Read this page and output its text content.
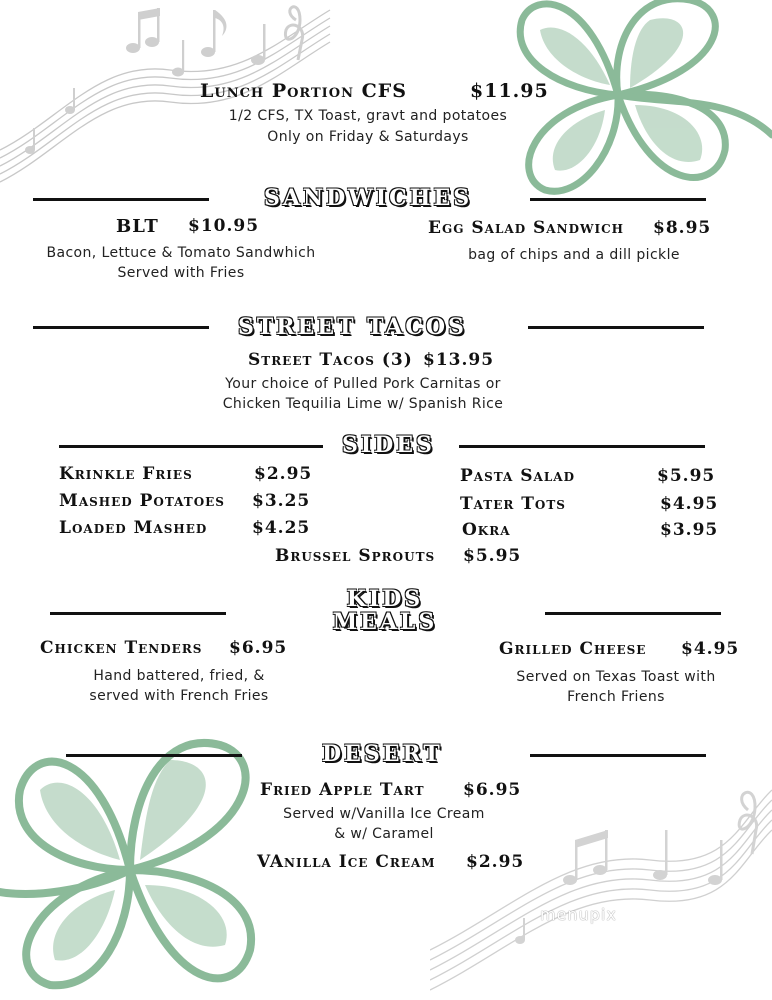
Lunch Portion CFS	$11.95
1/2 CFS, TX Toast, gravt and potatoes
Only on Friday & Saturdays
SANDWICHES
BLT $10.95
Bacon, Lettuce & Tomato Sandwhich
Served with Fries
Egg Salad Sandwich $8.95
bag of chips and a dill pickle
STREET TACOS
Street Tacos (3) $13.95
Your choice of Pulled Pork Carnitas or
Chicken Tequilia Lime w/ Spanish Rice
SIDES
Krinkle Fries	$2.95
Mashed Potatoes $3.25
Loaded Mashed	$4.25
Pasta Salad	$5.95
Tater Tots	$4.95
Okra	$3.95
Brussel Sprouts $5.95
KIDS
MEALS
Chicken Tenders $6.95
Hand battered, fried, &
served with French Fries
Grilled Cheese $4.95
Served on Texas Toast with
French Friens
DESERT
Fried Apple Tart $6.95
Served w/Vanilla Ice Cream
& w/ Caramel
VAnilla Ice Cream $2.95
menupix
